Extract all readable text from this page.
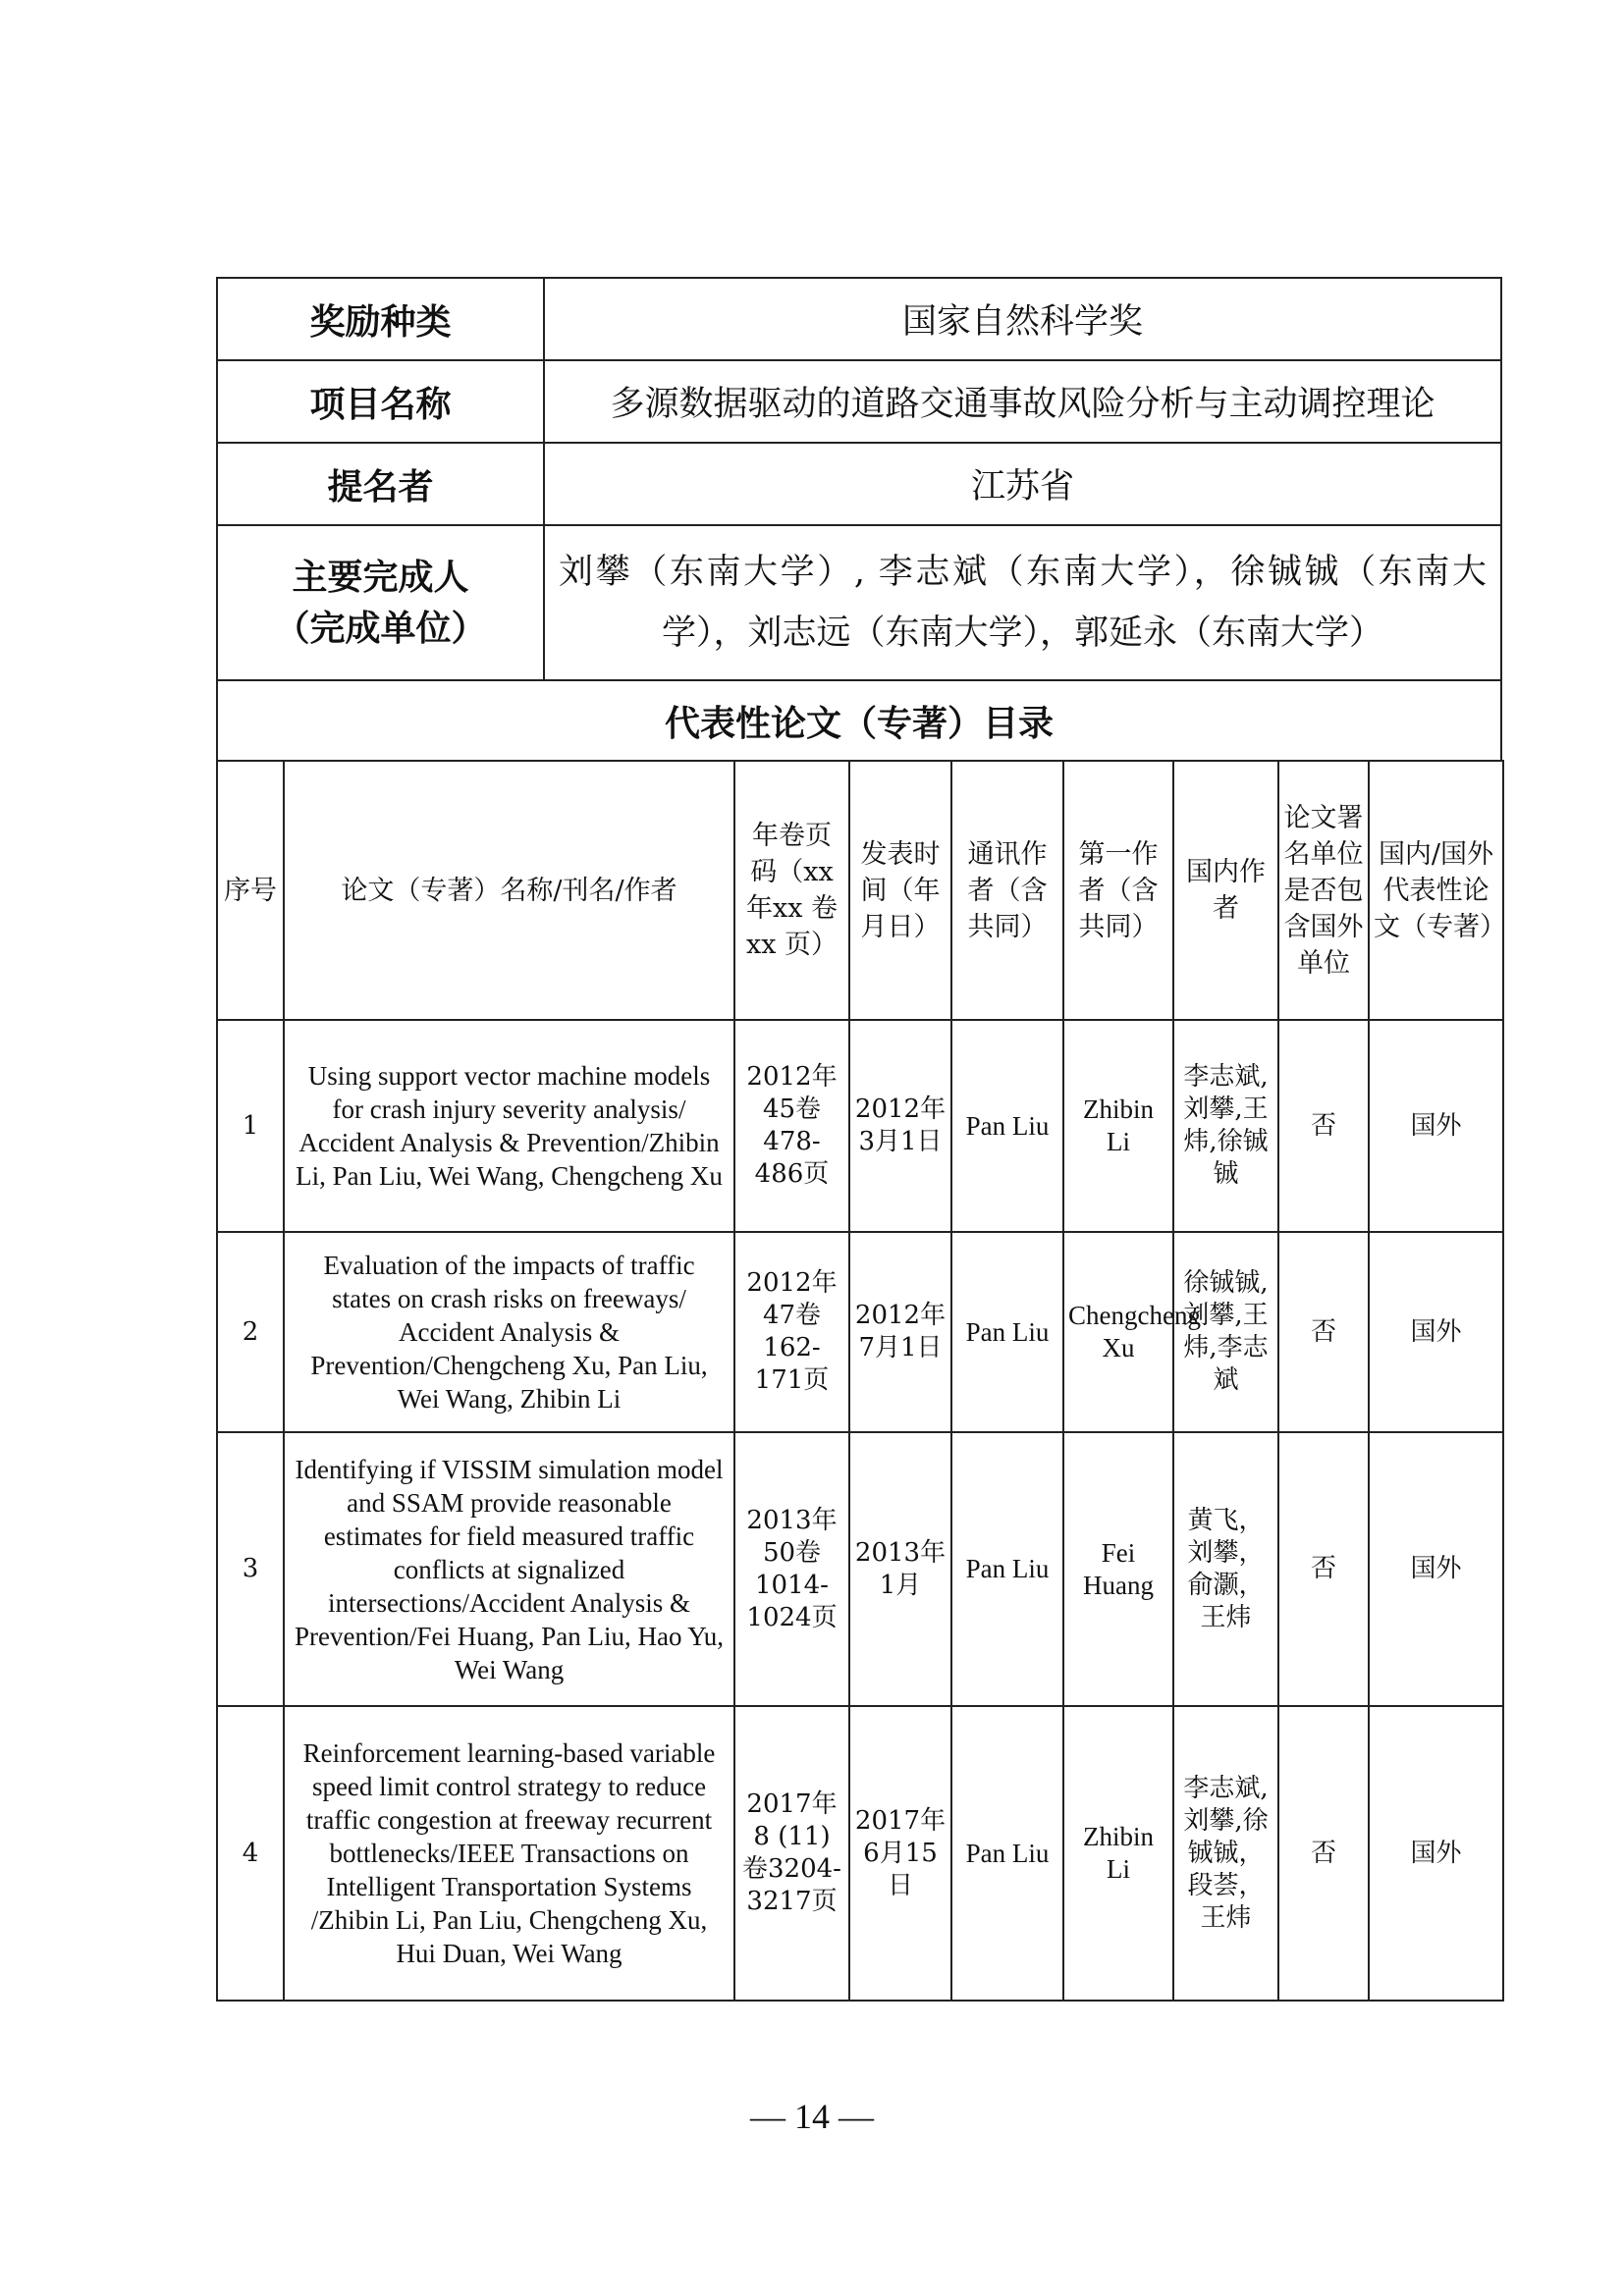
奖励种类	国家自然科学奖
项目名称	多源数据驱动的道路交通事故风险分析与主动调控理论
提名者	江苏省

主要完成人
（完成单位）	刘攀（东南大学）, 李志斌（东南大学），徐铖铖（东南大学），刘志远（东南大学），郭延永（东南大学）
代表性论文（专著）目录	
序号	论文（专著）名称/刊名/作者	年卷页码（xx年xx 卷 xx 页）	发表时间（年月日）	通讯作者（含共同）	第一作者（含共同）	国内作者	论文署名单位是否包含国外单位	国内/国外代表性论文（专著）
1	Using support vector machine models for crash injury severity analysis/ Accident Analysis & Prevention/Zhibin Li, Pan Liu, Wei Wang, Chengcheng Xu	2012年45卷478-486页	2012年3月1日	Pan Liu	Zhibin Li	李志斌,刘攀,王炜,徐铖铖	否	国外
2	Evaluation of the impacts of traffic states on crash risks on freeways/ Accident Analysis & Prevention/Chengcheng Xu, Pan Liu, Wei Wang, Zhibin Li	2012年47卷162-171页	2012年7月1日	Pan Liu	Chengcheng Xu	徐铖铖,刘攀,王炜,李志斌	否	国外
3	Identifying if VISSIM simulation model and SSAM provide reasonable estimates for field measured traffic conflicts at signalized intersections/Accident Analysis & Prevention/Fei Huang, Pan Liu, Hao Yu, Wei Wang	2013年50卷1014-1024页	2013年1月	Pan Liu	Fei Huang	黄飞，刘攀，俞灏，王炜	否	国外
4	Reinforcement learning-based variable speed limit control strategy to reduce traffic congestion at freeway recurrent bottlenecks/IEEE Transactions on Intelligent Transportation Systems /Zhibin Li, Pan Liu, Chengcheng Xu, Hui Duan, Wei Wang	2017年8 (11) 卷3204-3217页	2017年6月15日	Pan Liu	Zhibin Li	李志斌,刘攀,徐铖铖，段荟，王炜	否	国外
— 14 —
